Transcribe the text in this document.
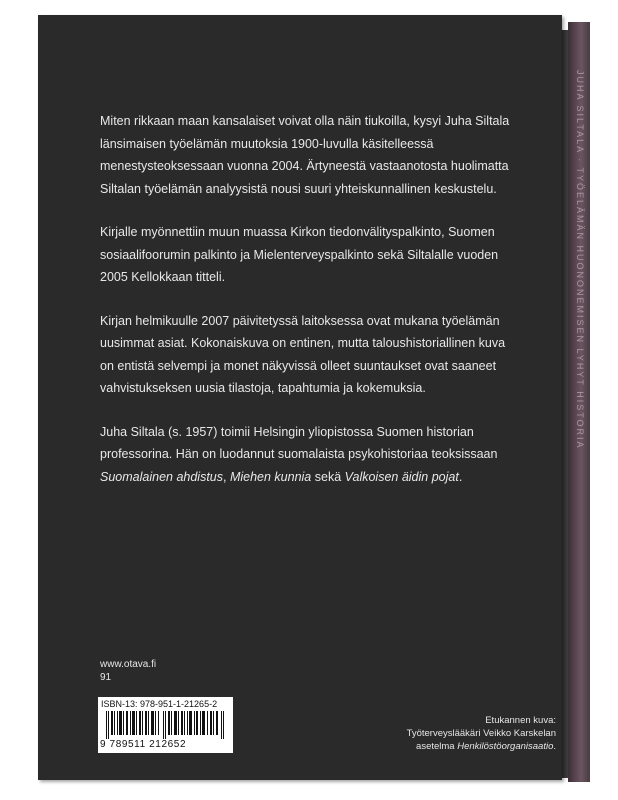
JUHA SILTALA · TYÖELÄMÄN HUONONEMISEN LYHYT HISTORIA

Miten rikkaan maan kansalaiset voivat olla näin tiukoilla, kysyi Juha Siltala länsimaisen työelämän muutoksia 1900-luvulla käsitelleessä menestysteoksessaan vuonna 2004. Ärtyneestä vastaanotosta huolimatta Siltalan työelämän analyysistä nousi suuri yhteiskunnallinen keskustelu.

Kirjalle myönnettiin muun muassa Kirkon tiedonvälityspalkinto, Suomen sosiaalifoorumin palkinto ja Mielenterveyspalkinto sekä Siltalalle vuoden 2005 Kellokkaan titteli.

Kirjan helmikuulle 2007 päivitetyssä laitoksessa ovat mukana työelämän uusimmat asiat. Kokonaiskuva on entinen, mutta taloushistoriallinen kuva on entistä selvempi ja monet näkyvissä olleet suuntaukset ovat saaneet vahvistukseksen uusia tilastoja, tapahtumia ja kokemuksia.

Juha Siltala (s. 1957) toimii Helsingin yliopistossa Suomen historian professorina. Hän on luodannut suomalaista psykohistoriaa teoksissaan Suomalainen ahdistus, Miehen kunnia sekä Valkoisen äidin pojat.

www.otava.fi
91
ISBN-13: 978-951-1-21265-2
9 789511 212652
Etukannen kuva:
Työterveyslääkäri Veikko Karskelan
asetelma Henkilöstöorganisaatio.
